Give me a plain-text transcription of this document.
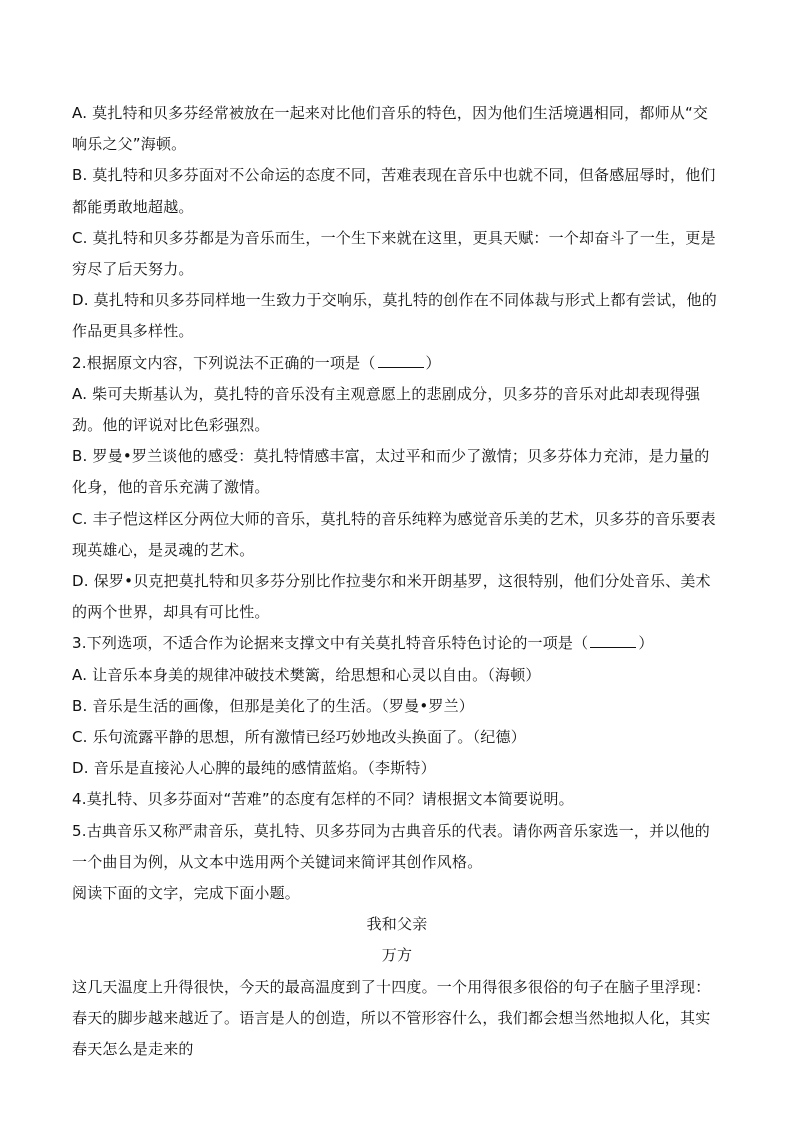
A. 莫扎特和贝多芬经常被放在一起来对比他们音乐的特色，因为他们生活境遇相同，都师从“交响乐之父”海顿。

B. 莫扎特和贝多芬面对不公命运的态度不同，苦难表现在音乐中也就不同，但备感屈辱时，他们都能勇敢地超越。

C. 莫扎特和贝多芬都是为音乐而生，一个生下来就在这里，更具天赋：一个却奋斗了一生，更是穷尽了后天努力。

D. 莫扎特和贝多芬同样地一生致力于交响乐，莫扎特的创作在不同体裁与形式上都有尝试，他的作品更具多样性。

2.根据原文内容，下列说法不正确的一项是（	）

A. 柴可夫斯基认为，莫扎特的音乐没有主观意愿上的悲剧成分，贝多芬的音乐对此却表现得强劲。他的评说对比色彩强烈。

B. 罗曼•罗兰谈他的感受：莫扎特情感丰富，太过平和而少了激情；贝多芬体力充沛，是力量的化身，他的音乐充满了激情。

C. 丰子恺这样区分两位大师的音乐，莫扎特的音乐纯粹为感觉音乐美的艺术，贝多芬的音乐要表现英雄心，是灵魂的艺术。

D. 保罗•贝克把莫扎特和贝多芬分别比作拉斐尔和米开朗基罗，这很特别，他们分处音乐、美术的两个世界，却具有可比性。

3.下列选项，不适合作为论据来支撑文中有关莫扎特音乐特色讨论的一项是（	）

A. 让音乐本身美的规律冲破技术樊篱，给思想和心灵以自由。（海顿）

B. 音乐是生活的画像，但那是美化了的生活。（罗曼•罗兰）

C. 乐句流露平静的思想，所有激情已经巧妙地改头换面了。（纪德）

D. 音乐是直接沁人心脾的最纯的感情蓝焰。（李斯特）

4.莫扎特、贝多芬面对“苦难”的态度有怎样的不同？请根据文本简要说明。

5.古典音乐又称严肃音乐，莫扎特、贝多芬同为古典音乐的代表。请你两音乐家选一，并以他的一个曲目为例，从文本中选用两个关键词来简评其创作风格。

阅读下面的文字，完成下面小题。

我和父亲

万方

这几天温度上升得很快，今天的最高温度到了十四度。一个用得很多很俗的句子在脑子里浮现：春天的脚步越来越近了。语言是人的创造，所以不管形容什么，我们都会想当然地拟人化，其实春天怎么是走来的
